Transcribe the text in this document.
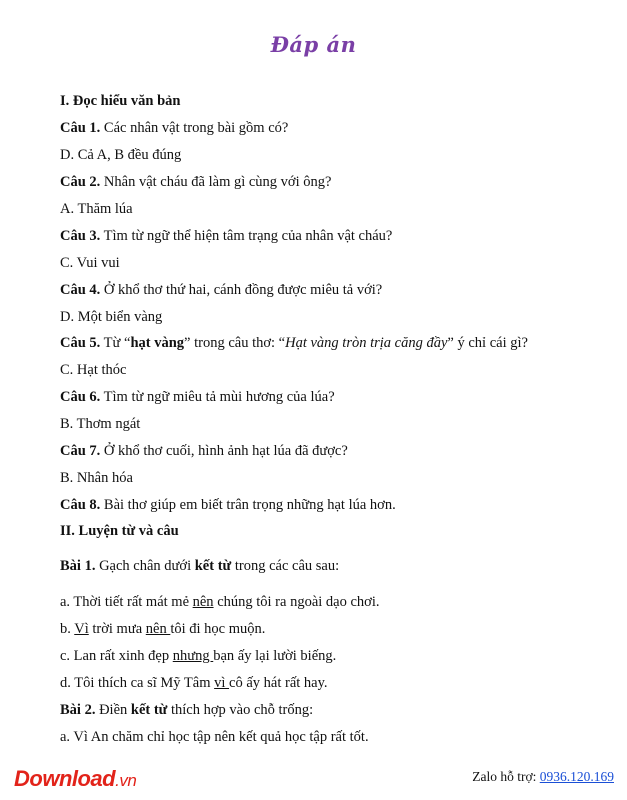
Đáp án
I. Đọc hiểu văn bản
Câu 1. Các nhân vật trong bài gồm có?
D. Cả A, B đều đúng
Câu 2. Nhân vật cháu đã làm gì cùng với ông?
A. Thăm lúa
Câu 3. Tìm từ ngữ thể hiện tâm trạng của nhân vật cháu?
C. Vui vui
Câu 4. Ở khổ thơ thứ hai, cánh đồng được miêu tả với?
D. Một biển vàng
Câu 5. Từ “hạt vàng” trong câu thơ: “Hạt vàng tròn trịa căng đầy” ý chỉ cái gì?
C. Hạt thóc
Câu 6. Tìm từ ngữ miêu tả mùi hương của lúa?
B. Thơm ngát
Câu 7. Ở khổ thơ cuối, hình ảnh hạt lúa đã được?
B. Nhân hóa
Câu 8. Bài thơ giúp em biết trân trọng những hạt lúa hơn.
II. Luyện từ và câu
Bài 1. Gạch chân dưới kết từ trong các câu sau:
a. Thời tiết rất mát mẻ nên chúng tôi ra ngoài dạo chơi.
b. Vì trời mưa nên tôi đi học muộn.
c. Lan rất xinh đẹp nhưng bạn ấy lại lười biếng.
d. Tôi thích ca sĩ Mỹ Tâm vì cô ấy hát rất hay.
Bài 2. Điền kết từ thích hợp vào chỗ trống:
a. Vì An chăm chỉ học tập nên kết quả học tập rất tốt.
Download.vn	Zalo hỗ trợ: 0936.120.169
